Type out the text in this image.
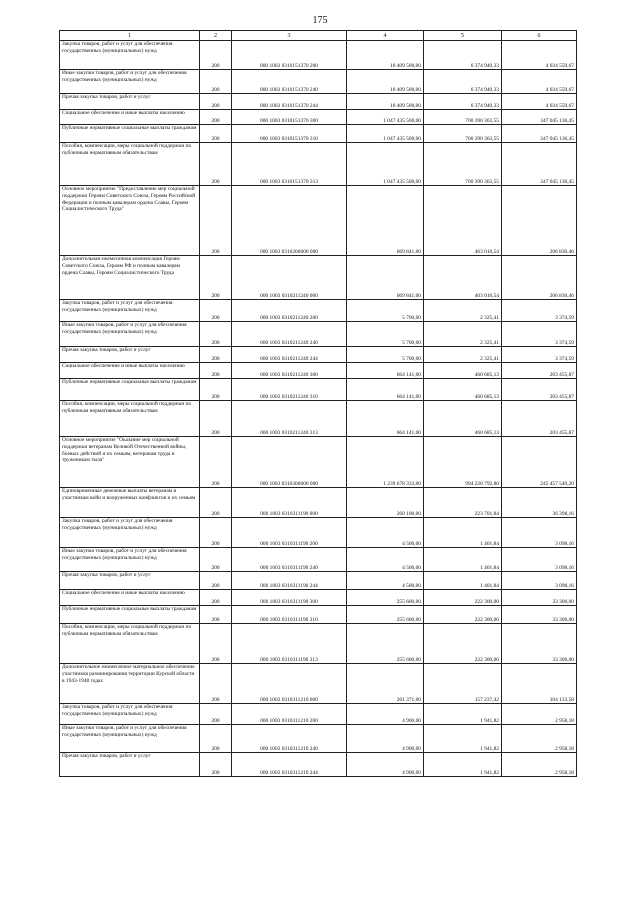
175
1	2	3	4	5	6
Закупка товаров, работ и услуг для обеспечения государственных (муниципальных) нужд	200	000 1003 0310151370 200	10 409 500,00	6 374 940,33	4 034 559,67
Иные закупки товаров, работ и услуг для обеспечения государственных (муниципальных) нужд	200	000 1003 0310151370 240	10 409 500,00	6 374 940,33	4 034 559,67
Прочая закупка товаров, работ и услуг	200	000 1003 0310151370 244	10 409 500,00	6 374 940,33	4 034 559,67
Социальное обеспечение и иные выплаты населению	200	000 1003 0310151370 300	1 047 435 500,00	700 390 363,55	347 045 136,45
Публичные нормативные социальные выплаты гражданам	200	000 1003 0310151370 310	1 047 435 500,00	700 390 363,55	347 045 136,45
Пособия, компенсации, меры социальной поддержки по публичным нормативным обязательствам	200	000 1003 0310151370 313	1 047 435 500,00	700 390 363,55	347 045 136,45
Основное мероприятие "Предоставление мер социальной поддержки Героям Советского Союза, Героям Российской Федерации и полным кавалерам ордена Славы, Героям Социалистического Труда"	200	000 1003 0310200000 000	669 841,00	463 010,54	206 830,46
Дополнительная ежемесячная компенсация Героям Советского Союза, Героям РФ и полным кавалерам ордена Славы, Героям Социалистического Труда	200	000 1003 0310211240 000	669 841,00	463 010,54	206 830,46
Закупка товаров, работ и услуг для обеспечения государственных (муниципальных) нужд	200	000 1003 0310211240 200	5 700,00	2 325,41	3 374,59
Иные закупки товаров, работ и услуг для обеспечения государственных (муниципальных) нужд	200	000 1003 0310211240 240	5 700,00	2 325,41	3 374,59
Прочая закупка товаров, работ и услуг	200	000 1003 0310211240 244	5 700,00	2 325,41	3 374,59
Социальное обеспечение и иные выплаты населению	200	000 1003 0310211240 300	664 141,00	460 685,13	203 455,87
Публичные нормативные социальные выплаты гражданам	200	000 1003 0310211240 310	664 141,00	460 685,13	203 455,87
Пособия, компенсации, меры социальной поддержки по публичным нормативным обязательствам	200	000 1003 0310211240 313	664 141,00	460 685,13	203 455,87
Основное мероприятие "Оказание мер социальной поддержки ветеранам Великой Отечественной войны, боевых действий и их семьям, ветеранам труда и труженикам тыла"	200	000 1003 0310300000 000	1 239 678 333,00	994 220 792,80	245 457 540,20
Единовременные денежные выплаты ветеранам и участникам войн и вооруженных конфликтов и их семьям	200	000 1003 0310311190 000	260 100,00	223 701,84	36 398,16
Закупка товаров, работ и услуг для обеспечения государственных (муниципальных) нужд	200	000 1003 0310311190 200	4 500,00	1 401,84	3 098,16
Иные закупки товаров, работ и услуг для обеспечения государственных (муниципальных) нужд	200	000 1003 0310311190 240	4 500,00	1 401,84	3 098,16
Прочая закупка товаров, работ и услуг	200	000 1003 0310311190 244	4 500,00	1 401,84	3 098,16
Социальное обеспечение и иные выплаты населению	200	000 1003 0310311190 300	255 600,00	222 300,00	33 300,00
Публичные нормативные социальные выплаты гражданам	200	000 1003 0310311190 310	255 600,00	222 300,00	33 300,00
Пособия, компенсации, меры социальной поддержки по публичным нормативным обязательствам	200	000 1003 0310311190 313	255 600,00	222 300,00	33 300,00
Дополнительное ежемесячное материальное обеспечение участников разминирования территории Курской области в 1943-1948 годах	200	000 1003 0310311210 000	261 371,00	157 237,42	104 133,58
Закупка товаров, работ и услуг для обеспечения государственных (муниципальных) нужд	200	000 1003 0310311210 200	4 900,00	1 941,82	2 958,18
Иные закупки товаров, работ и услуг для обеспечения государственных (муниципальных) нужд	200	000 1003 0310311210 240	4 900,00	1 941,82	2 958,18
Прочая закупка товаров, работ и услуг	200	000 1003 0310311210 244	4 900,00	1 941,82	2 958,18
